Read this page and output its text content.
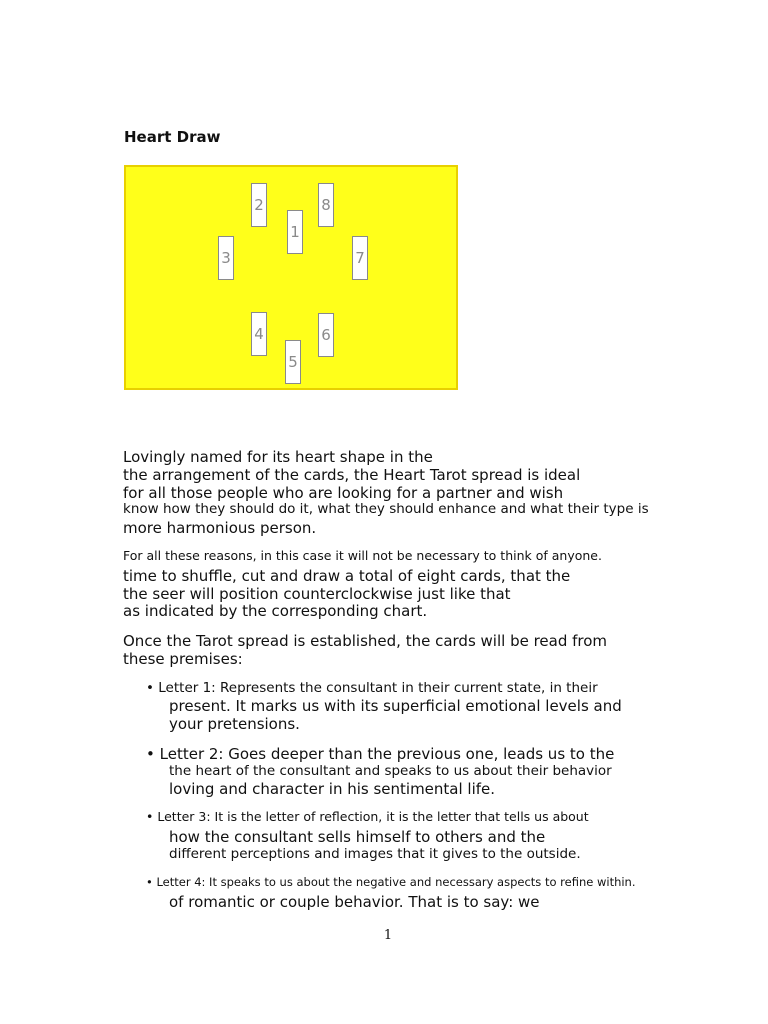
Heart Draw
1
2
3
4
5
6
7
8

Lovingly named for its heart shape in the

the arrangement of the cards, the Heart Tarot spread is ideal

for all those people who are looking for a partner and wish

know how they should do it, what they should enhance and what their type is

more harmonious person.

For all these reasons, in this case it will not be necessary to think of anyone.

time to shuffle, cut and draw a total of eight cards, that the

the seer will position counterclockwise just like that

as indicated by the corresponding chart.

Once the Tarot spread is established, the cards will be read from

these premises:

• Letter 1: Represents the consultant in their current state, in their

present. It marks us with its superficial emotional levels and

your pretensions.

• Letter 2: Goes deeper than the previous one, leads us to the

the heart of the consultant and speaks to us about their behavior

loving and character in his sentimental life.

• Letter 3: It is the letter of reflection, it is the letter that tells us about

how the consultant sells himself to others and the

different perceptions and images that it gives to the outside.

• Letter 4: It speaks to us about the negative and necessary aspects to refine within.

of romantic or couple behavior. That is to say: we

1
